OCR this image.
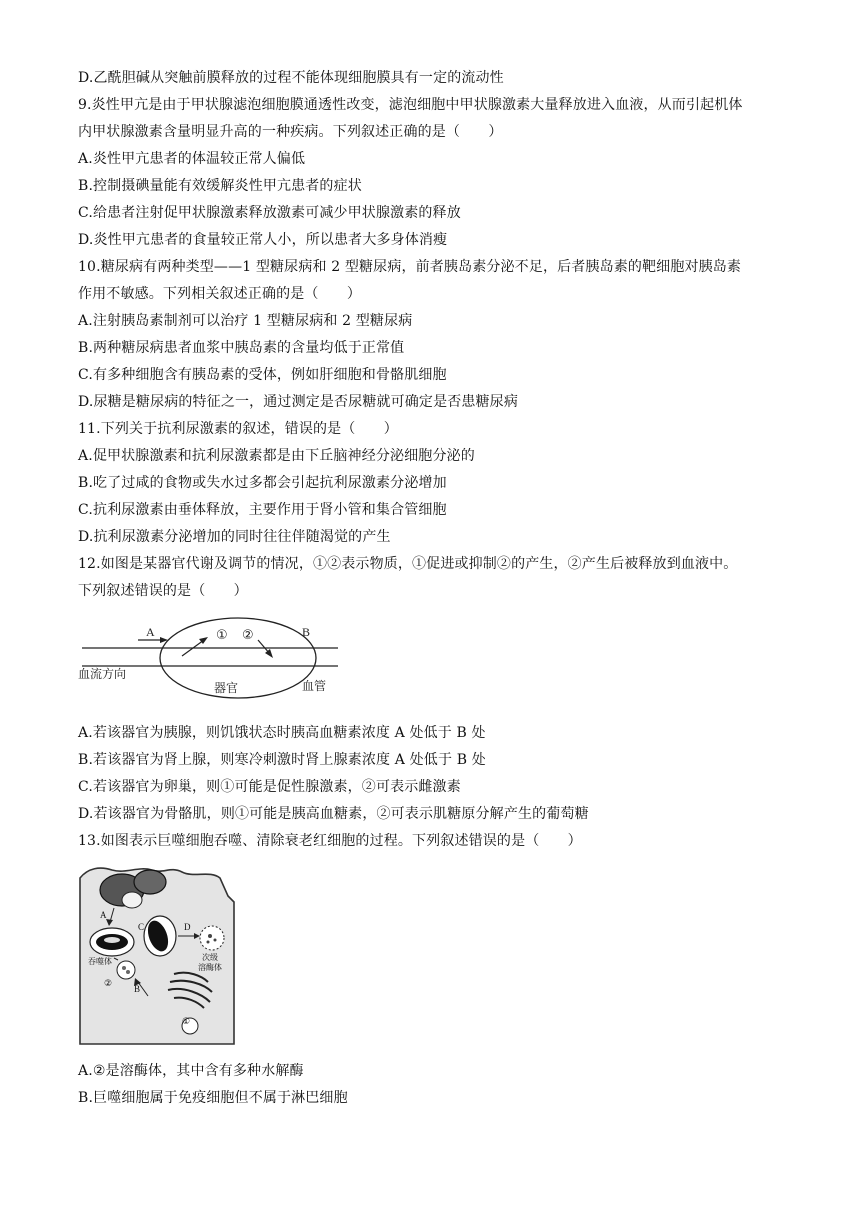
D.乙酰胆碱从突触前膜释放的过程不能体现细胞膜具有一定的流动性
9.炎性甲亢是由于甲状腺滤泡细胞膜通透性改变，滤泡细胞中甲状腺激素大量释放进入血液，从而引起机体
内甲状腺激素含量明显升高的一种疾病。下列叙述正确的是（　　）
A.炎性甲亢患者的体温较正常人偏低
B.控制摄碘量能有效缓解炎性甲亢患者的症状
C.给患者注射促甲状腺激素释放激素可减少甲状腺激素的释放
D.炎性甲亢患者的食量较正常人小，所以患者大多身体消瘦
10.糖尿病有两种类型——1 型糖尿病和 2 型糖尿病，前者胰岛素分泌不足，后者胰岛素的靶细胞对胰岛素
作用不敏感。下列相关叙述正确的是（　　）
A.注射胰岛素制剂可以治疗 1 型糖尿病和 2 型糖尿病
B.两种糖尿病患者血浆中胰岛素的含量均低于正常值
C.有多种细胞含有胰岛素的受体，例如肝细胞和骨骼肌细胞
D.尿糖是糖尿病的特征之一，通过测定是否尿糖就可确定是否患糖尿病
11.下列关于抗利尿激素的叙述，错误的是（　　）
A.促甲状腺激素和抗利尿激素都是由下丘脑神经分泌细胞分泌的
B.吃了过咸的食物或失水过多都会引起抗利尿激素分泌增加
C.抗利尿激素由垂体释放，主要作用于肾小管和集合管细胞
D.抗利尿激素分泌增加的同时往往伴随渴觉的产生
12.如图是某器官代谢及调节的情况，①②表示物质，①促进或抑制②的产生，②产生后被释放到血液中。
下列叙述错误的是（　　）
A	B
① ②
血流方向
器官	血管
A.若该器官为胰腺，则饥饿状态时胰高血糖素浓度 A 处低于 B 处
B.若该器官为肾上腺，则寒冷刺激时肾上腺素浓度 A 处低于 B 处
C.若该器官为卵巢，则①可能是促性腺激素，②可表示雌激素
D.若该器官为骨骼肌，则①可能是胰高血糖素，②可表示肌糖原分解产生的葡萄糖
13.如图表示巨噬细胞吞噬、清除衰老红细胞的过程。下列叙述错误的是（　　）
A
C	D
B
吞噬体	次级
溶酶体
②
①
A.②是溶酶体，其中含有多种水解酶
B.巨噬细胞属于免疫细胞但不属于淋巴细胞
